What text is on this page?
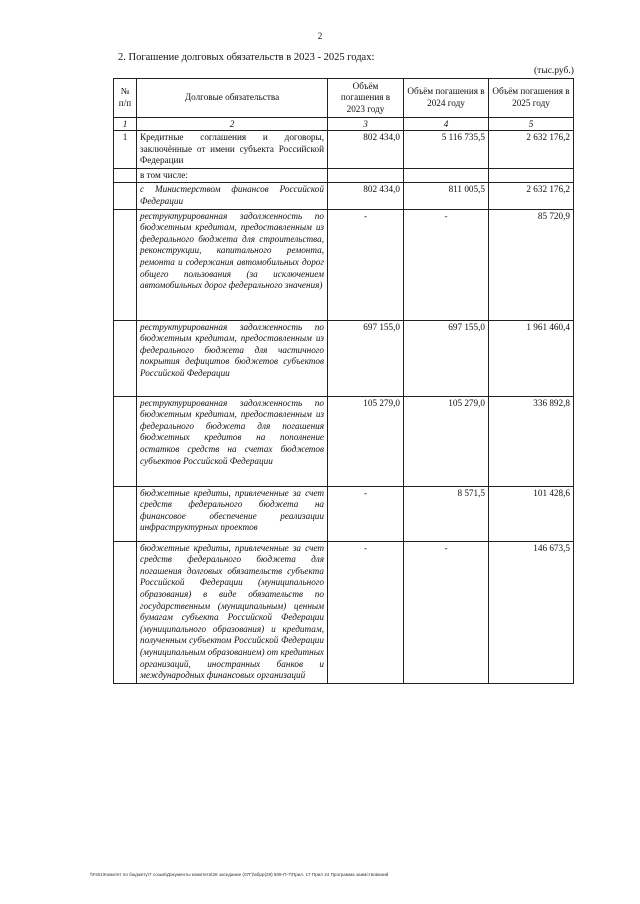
2
2. Погашение долговых обязательств в 2023 - 2025 годах:
(тыс.руб.)
№ п/п	Долговые обязательства	Объём погашения в 2023 году	Объём погашения в 2024 году	Объём погашения в 2025 году
1	2	3	4	5
1	Кредитные соглашения и договоры, заключённые от имени субъекта Российской Федерации	802 434,0	5 116 735,5	2 632 176,2
	в том числе:			
	с Министерством финансов Российской Федерации	802 434,0	811 005,5	2 632 176,2
	реструктурированная задолженность по бюджетным кредитам, предоставленным из федерального бюджета для строительства, реконструкции, капитального ремонта, ремонта и содержания автомобильных дорог общего пользования (за исключением автомобильных дорог федерального значения)	-	-	85 720,9
	реструктурированная задолженность по бюджетным кредитам, предоставленным из федерального бюджета для частичного покрытия дефицитов бюджетов субъектов Российской Федерации	697 155,0	697 155,0	1 961 460,4
	реструктурированная задолженность по бюджетным кредитам, предоставленным из федерального бюджета для погашения бюджетных кредитов на пополнение остатков средств на счетах бюджетов субъектов Российской Федерации	105 279,0	105 279,0	336 892,8
	бюджетные кредиты, привлеченные за счет средств федерального бюджета на финансовое обеспечение реализации инфраструктурных проектов	-	8 571,5	101 428,6
	бюджетные кредиты, привлеченные за счет средств федерального бюджета для погашения долговых обязательств субъекта Российской Федерации (муниципального образования) в виде обязательств по государственным (муниципальным) ценным бумагам субъекта Российской Федерации (муниципального образования) и кредитам, полученным субъектом Российской Федерации (муниципальным образованием) от кредитных организаций, иностранных банков и международных финансовых организаций	-	-	146 673,5
\\Fs01\Комитет по бюджету\7 созыв\Документы комитета\28 заседание (07Г)\вбрр(28) 508-П-7\Прил. 17 Прил 24 Программа заимствований
